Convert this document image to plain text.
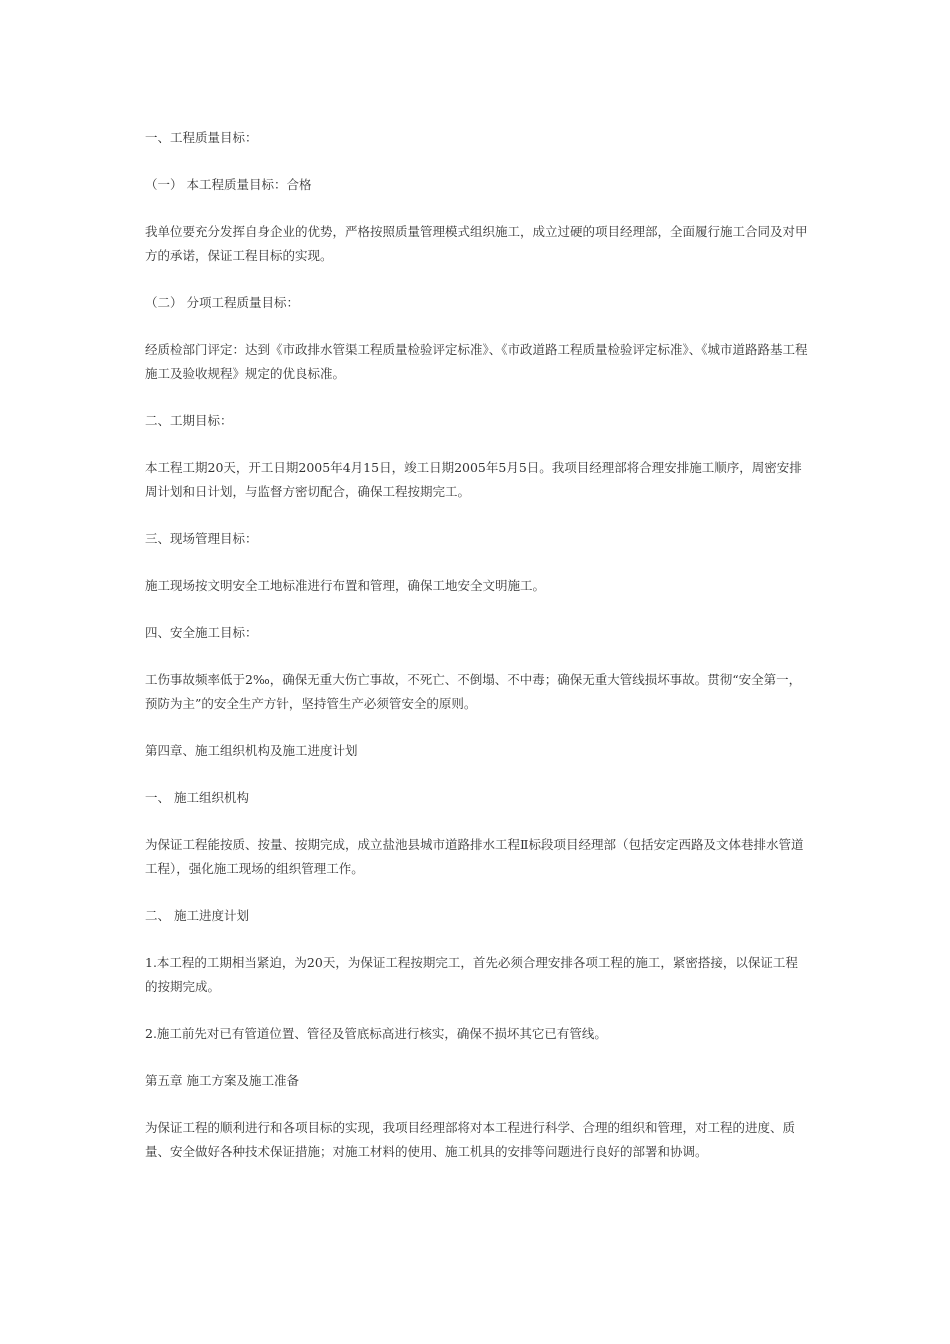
一、工程质量目标：

（一） 本工程质量目标：合格

我单位要充分发挥自身企业的优势，严格按照质量管理模式组织施工，成立过硬的项目经理部，全面履行施工合同及对甲方的承诺，保证工程目标的实现。

（二） 分项工程质量目标：

经质检部门评定：达到《市政排水管渠工程质量检验评定标准》、《市政道路工程质量检验评定标准》、《城市道路路基工程施工及验收规程》规定的优良标准。

二、工期目标：

本工程工期20天，开工日期2005年4月15日，竣工日期2005年5月5日。我项目经理部将合理安排施工顺序，周密安排周计划和日计划，与监督方密切配合，确保工程按期完工。

三、现场管理目标：

施工现场按文明安全工地标准进行布置和管理，确保工地安全文明施工。

四、安全施工目标：

工伤事故频率低于2‰，确保无重大伤亡事故，不死亡、不倒塌、不中毒；确保无重大管线损坏事故。贯彻“安全第一，预防为主”的安全生产方针，坚持管生产必须管安全的原则。

第四章、施工组织机构及施工进度计划

一、 施工组织机构

为保证工程能按质、按量、按期完成，成立盐池县城市道路排水工程Ⅱ标段项目经理部（包括安定西路及文体巷排水管道工程），强化施工现场的组织管理工作。

二、 施工进度计划

1.本工程的工期相当紧迫，为20天，为保证工程按期完工，首先必须合理安排各项工程的施工，紧密搭接，以保证工程的按期完成。

2.施工前先对已有管道位置、管径及管底标高进行核实，确保不损坏其它已有管线。

第五章 施工方案及施工准备

为保证工程的顺利进行和各项目标的实现，我项目经理部将对本工程进行科学、合理的组织和管理，对工程的进度、质量、安全做好各种技术保证措施；对施工材料的使用、施工机具的安排等问题进行良好的部署和协调。
